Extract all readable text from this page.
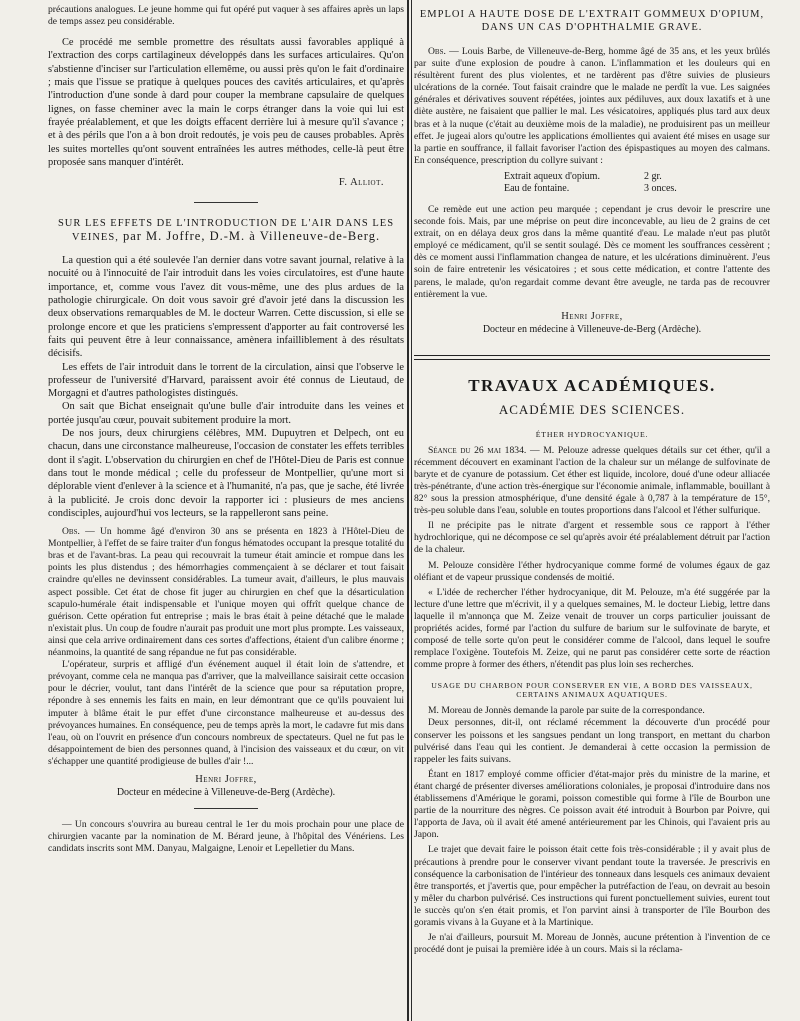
précautions analogues. Le jeune homme qui fut opéré put vaquer à ses affaires après un laps de temps assez peu considérable.

Ce procédé me semble promettre des résultats aussi favorables appliqué à l'extraction des corps cartilagineux développés dans les surfaces articulaires. Qu'on s'abstienne d'inciser sur l'articulation ellemême, ou aussi près qu'on le fait d'ordinaire ; mais que l'issue se pratique à quelques pouces des cavités articulaires, et qu'après l'introduction d'une sonde à dard pour couper la membrane capsulaire de quelques lignes, on fasse cheminer avec la main le corps étranger dans la voie qui lui est frayée préalablement, et que les doigts effacent derrière lui à mesure qu'il s'avance ; et à des périls que l'on a à bon droit redoutés, je vois peu de causes probables. Après les suites mortelles qu'ont souvent entraînées les autres méthodes, celle-là peut être proposée sans manquer d'intérêt.

F. Alliot.
SUR LES EFFETS DE L'INTRODUCTION DE L'AIR DANS LES
VEINES, par M. Joffre, D.-M. à Villeneuve-de-Berg.

La question qui a été soulevée l'an dernier dans votre savant journal, relative à la nocuité ou à l'innocuité de l'air introduit dans les voies circulatoires, est d'une haute importance, et, comme vous l'avez dit vous-même, une des plus ardues de la pathologie chirurgicale. On doit vous savoir gré d'avoir jeté dans la discussion les deux observations remarquables de M. le docteur Warren. Cette discussion, si elle se prolonge encore et que les praticiens s'empressent d'apporter au fait controversé les faits qui peuvent être à leur connaissance, amènera infailliblement à des résultats décisifs.

Les effets de l'air introduit dans le torrent de la circulation, ainsi que l'observe le professeur de l'université d'Harvard, paraissent avoir été connus de Lieutaud, de Morgagni et d'autres pathologistes distingués.

On sait que Bichat enseignait qu'une bulle d'air introduite dans les veines et portée jusqu'au cœur, pouvait subitement produire la mort.

De nos jours, deux chirurgiens célèbres, MM. Dupuytren et Delpech, ont eu chacun, dans une circonstance malheureuse, l'occasion de constater les effets terribles dont il s'agit. L'observation du chirurgien en chef de l'Hôtel-Dieu de Paris est connue dans tout le monde médical ; celle du professeur de Montpellier, qu'une mort si déplorable vient d'enlever à la science et à l'humanité, n'a pas, que je sache, été livrée à la publicité. Je crois donc devoir la rapporter ici : plusieurs de mes anciens condisciples, aujourd'hui vos lecteurs, se la rappelleront sans peine.

Obs. — Un homme âgé d'environ 30 ans se présenta en 1823 à l'Hôtel-Dieu de Montpellier, à l'effet de se faire traiter d'un fongus hématodes occupant la presque totalité du bras et de l'avant-bras. La peau qui recouvrait la tumeur était amincie et rompue dans les points les plus distendus ; des hémorrhagies commençaient à se déclarer et tout faisait craindre qu'elles ne devinssent considérables. La tumeur avait, d'ailleurs, le plus mauvais aspect possible. Cet état de chose fit juger au chirurgien en chef que la désarticulation scapulo-humérale était indispensable et l'unique moyen qui offrît quelque chance de guérison. Cette opération fut entreprise ; mais le bras était à peine détaché que le malade n'existait plus. Un coup de foudre n'aurait pas produit une mort plus prompte. Les vaisseaux, ainsi que cela arrive ordinairement dans ces sortes d'affections, étaient d'un calibre énorme ; néanmoins, la quantité de sang répandue ne fut pas considérable.

L'opérateur, surpris et affligé d'un événement auquel il était loin de s'attendre, et prévoyant, comme cela ne manqua pas d'arriver, que la malveillance saisirait cette occasion pour le décrier, voulut, tant dans l'intérêt de la science que pour sa réputation propre, répondre à ses ennemis les faits en main, en leur démontrant que ce qu'ils pouvaient lui imputer à blâme était le pur effet d'une circonstance malheureuse et au-dessus des prévoyances humaines. En conséquence, peu de temps après la mort, le cadavre fut mis dans l'eau, où on l'ouvrit en présence d'un concours nombreux de spectateurs. Quel ne fut pas le désappointement de bien des personnes quand, à l'incision des vaisseaux et du cœur, on vit s'échapper une quantité prodigieuse de bulles d'air !...

Henri Joffre,
Docteur en médecine à Villeneuve-de-Berg (Ardèche).

— Un concours s'ouvrira au bureau central le 1er du mois prochain pour une place de chirurgien vacante par la nomination de M. Bérard jeune, à l'hôpital des Vénériens. Les candidats inscrits sont MM. Danyau, Malgaigne, Lenoir et Lepelletier du Mans.

EMPLOI A HAUTE DOSE DE L'EXTRAIT GOMMEUX D'OPIUM,
DANS UN CAS D'OPHTHALMIE GRAVE.

Obs. — Louis Barbe, de Villeneuve-de-Berg, homme âgé de 35 ans, et les yeux brûlés par suite d'une explosion de poudre à canon. L'inflammation et les douleurs qui en résultèrent furent des plus violentes, et ne tardèrent pas d'être suivies de plusieurs ulcérations de la cornée. Tout faisait craindre que le malade ne perdît la vue. Les saignées générales et dérivatives souvent répétées, jointes aux pédiluves, aux doux laxatifs et à une diète austère, ne faisaient que pallier le mal. Les vésicatoires, appliqués plus tard aux deux bras et à la nuque (c'était au deuxième mois de la maladie), ne produisirent pas un meilleur effet. Je jugeai alors qu'outre les applications émollientes qui avaient été mises en usage sur la partie en souffrance, il fallait favoriser l'action des épispastiques au moyen des calmans. En conséquence, prescription du collyre suivant :

Extrait aqueux d'opium.	2 gr.
Eau de fontaine.	3 onces.

Ce remède eut une action peu marquée ; cependant je crus devoir le prescrire une seconde fois. Mais, par une méprise on peut dire inconcevable, au lieu de 2 grains de cet extrait, on en délaya deux gros dans la même quantité d'eau. Le malade n'eut pas plutôt employé ce médicament, qu'il se sentit soulagé. Dès ce moment les souffrances cessèrent ; dès ce moment aussi l'inflammation changea de nature, et les ulcérations diminuèrent. J'eus soin de faire entretenir les vésicatoires ; et sous cette médication, et contre l'attente des parens, le malade, qu'on regardait comme devant être aveugle, ne tarda pas de recouvrer entièrement la vue.

Henri Joffre,
Docteur en médecine à Villeneuve-de-Berg (Ardèche).
TRAVAUX ACADÉMIQUES.
ACADÉMIE DES SCIENCES.
ÉTHER HYDROCYANIQUE.

Séance du 26 mai 1834. — M. Pelouze adresse quelques détails sur cet éther, qu'il a récemment découvert en examinant l'action de la chaleur sur un mélange de sulfovinate de baryte et de cyanure de potassium. Cet éther est liquide, incolore, doué d'une odeur alliacée très-pénétrante, d'une action très-énergique sur l'économie animale, inflammable, bouillant à 82° sous la pression atmosphérique, d'une densité égale à 0,787 à la température de 15°, très-peu soluble dans l'eau, soluble en toutes proportions dans l'alcool et l'éther sulfurique.

Il ne précipite pas le nitrate d'argent et ressemble sous ce rapport à l'éther hydrochlorique, qui ne décompose ce sel qu'après avoir été préalablement détruit par l'action de la chaleur.

M. Pelouze considère l'éther hydrocyanique comme formé de volumes égaux de gaz oléfiant et de vapeur prussique condensés de moitié.

« L'idée de rechercher l'éther hydrocyanique, dit M. Pelouze, m'a été suggérée par la lecture d'une lettre que m'écrivit, il y a quelques semaines, M. le docteur Liebig, lettre dans laquelle il m'annonça que M. Zeize venait de trouver un corps particulier jouissant de propriétés acides, formé par l'action du sulfure de barium sur le sulfovinate de baryte, et composé de telle sorte qu'on peut le considérer comme de l'alcool, dans lequel le soufre remplace l'oxigène. Toutefois M. Zeize, qui ne parut pas considérer cette sorte de réaction comme propre à former des éthers, n'étendit pas plus loin ses recherches.

USAGE DU CHARBON POUR CONSERVER EN VIE, A BORD DES VAISSEAUX,
CERTAINS ANIMAUX AQUATIQUES.

M. Moreau de Jonnès demande la parole par suite de la correspondance.

Deux personnes, dit-il, ont réclamé récemment la découverte d'un procédé pour conserver les poissons et les sangsues pendant un long transport, en mettant du charbon pulvérisé dans l'eau qui les contient. Je demanderai à cette occasion la permission de rappeler les faits suivans.

Étant en 1817 employé comme officier d'état-major près du ministre de la marine, et étant chargé de présenter diverses améliorations coloniales, je proposai d'introduire dans nos établissemens d'Amérique le gorami, poisson comestible qui forme à l'île de Bourbon une partie de la nourriture des nègres. Ce poisson avait été introduit à Bourbon par Poivre, qui l'apporta de Java, où il avait été amené antérieurement par les Chinois, qui l'avaient pris au Japon.

Le trajet que devait faire le poisson était cette fois très-considérable ; il y avait plus de précautions à prendre pour le conserver vivant pendant toute la traversée. Je prescrivis en conséquence la carbonisation de l'intérieur des tonneaux dans lesquels ces animaux devaient être transportés, et j'avertis que, pour empêcher la putréfaction de l'eau, on devrait au besoin y mêler du charbon pulvérisé. Ces instructions qui furent ponctuellement suivies, eurent tout le succès qu'on s'en était promis, et l'on parvint ainsi à transporter de l'île Bourbon des goramis vivans à la Guyane et à la Martinique.

Je n'ai d'ailleurs, poursuit M. Moreau de Jonnès, aucune prétention à l'invention de ce procédé dont je puisai la première idée à un cours. Mais si la réclama-
